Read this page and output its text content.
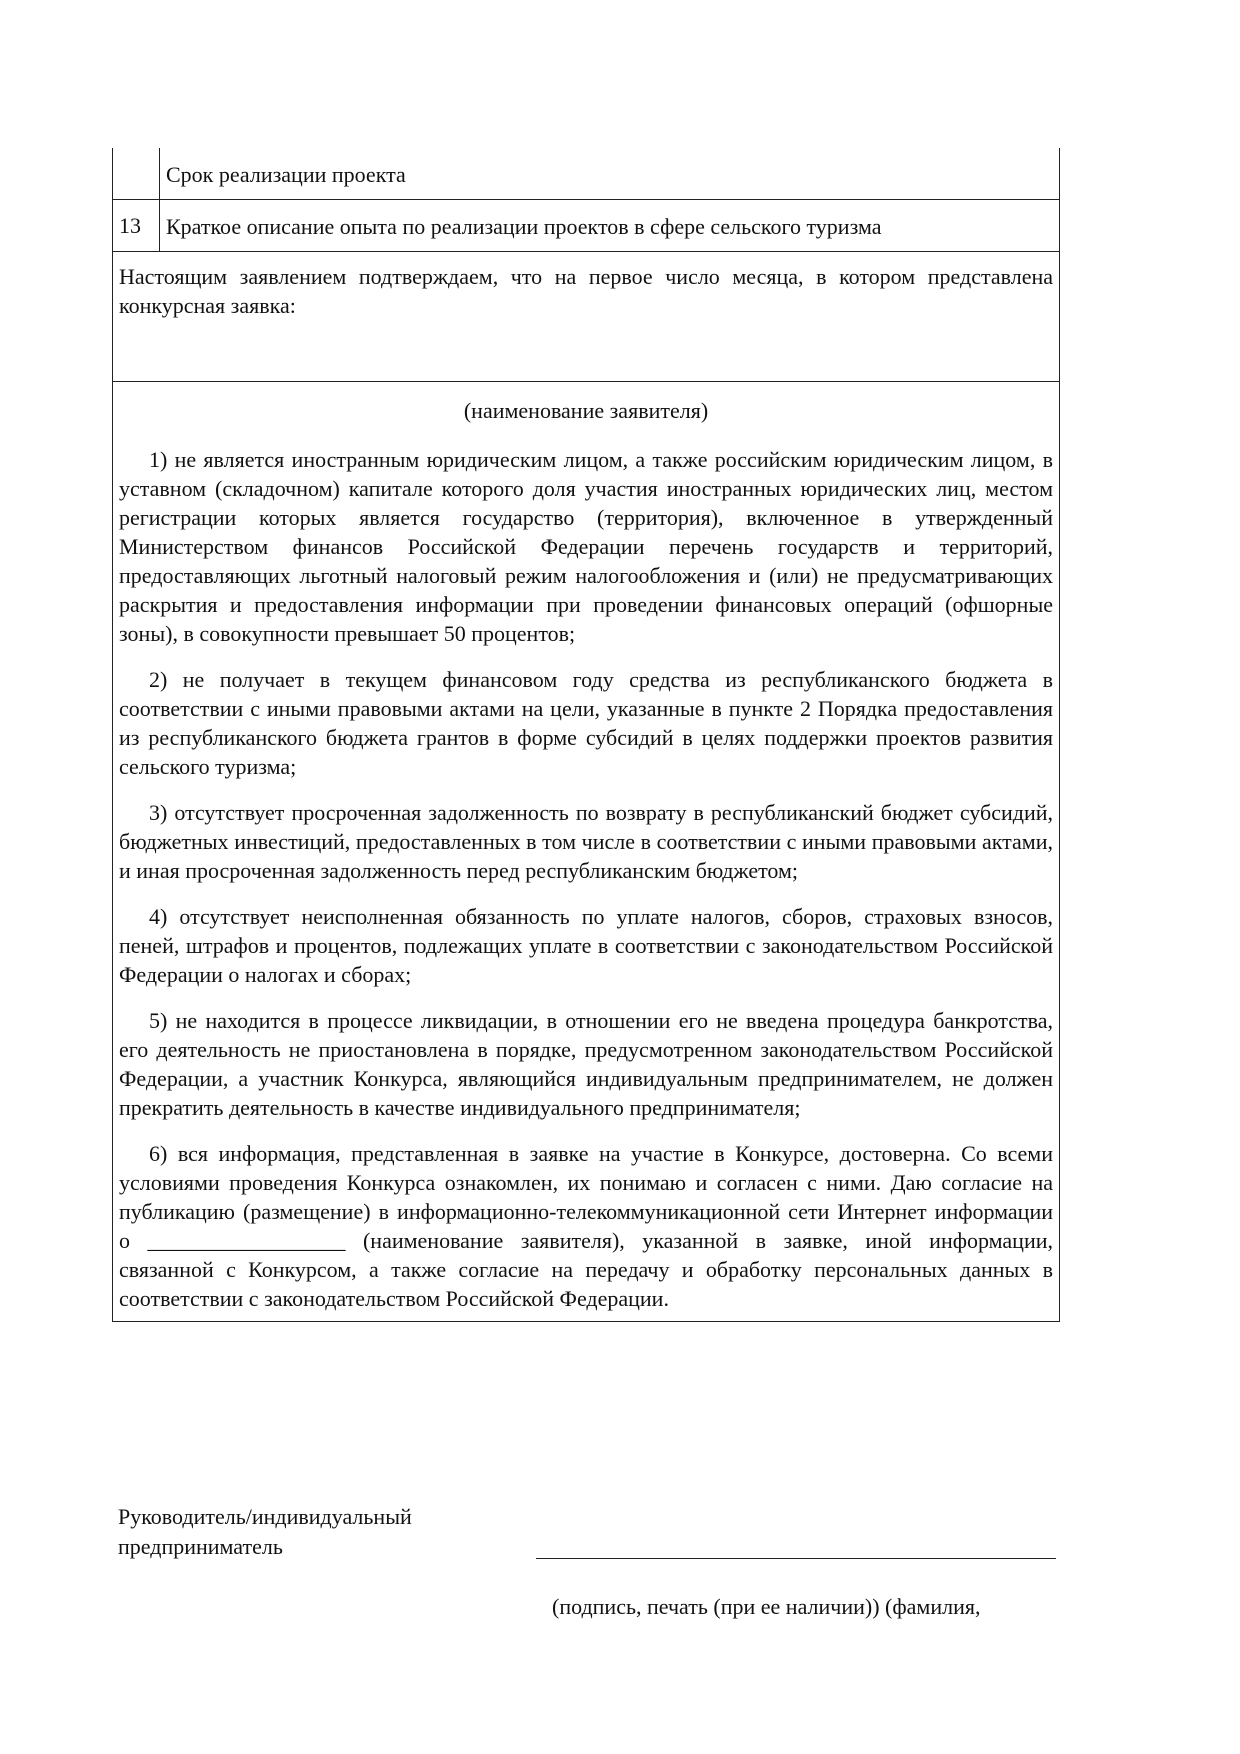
Срок реализации проекта
13	Краткое описание опыта по реализации проектов в сфере сельского туризма
Настоящим заявлением подтверждаем, что на первое число месяца, в котором представлена конкурсная заявка:
(наименование заявителя)

1) не является иностранным юридическим лицом, а также российским юридическим лицом, в уставном (складочном) капитале которого доля участия иностранных юридических лиц, местом регистрации которых является государство (территория), включенное в утвержденный Министерством финансов Российской Федерации перечень государств и территорий, предоставляющих льготный налоговый режим налогообложения и (или) не предусматривающих раскрытия и предоставления информации при проведении финансовых операций (офшорные зоны), в совокупности превышает 50 процентов;

2) не получает в текущем финансовом году средства из республиканского бюджета в соответствии с иными правовыми актами на цели, указанные в пункте 2 Порядка предоставления из республиканского бюджета грантов в форме субсидий в целях поддержки проектов развития сельского туризма;

3) отсутствует просроченная задолженность по возврату в республиканский бюджет субсидий, бюджетных инвестиций, предоставленных в том числе в соответствии с иными правовыми актами, и иная просроченная задолженность перед республиканским бюджетом;

4) отсутствует неисполненная обязанность по уплате налогов, сборов, страховых взносов, пеней, штрафов и процентов, подлежащих уплате в соответствии с законодательством Российской Федерации о налогах и сборах;

5) не находится в процессе ликвидации, в отношении его не введена процедура банкротства, его деятельность не приостановлена в порядке, предусмотренном законодательством Российской Федерации, а участник Конкурса, являющийся индивидуальным предпринимателем, не должен прекратить деятельность в качестве индивидуального предпринимателя;

6) вся информация, представленная в заявке на участие в Конкурсе, достоверна. Со всеми условиями проведения Конкурса ознакомлен, их понимаю и согласен с ними. Даю согласие на публикацию (размещение) в информационно-телекоммуникационной сети Интернет информации о __________________ (наименование заявителя), указанной в заявке, иной информации, связанной с Конкурсом, а также согласие на передачу и обработку персональных данных в соответствии с законодательством Российской Федерации.

Руководитель/индивидуальный
предприниматель
(подпись, печать (при ее наличии)) (фамилия,
